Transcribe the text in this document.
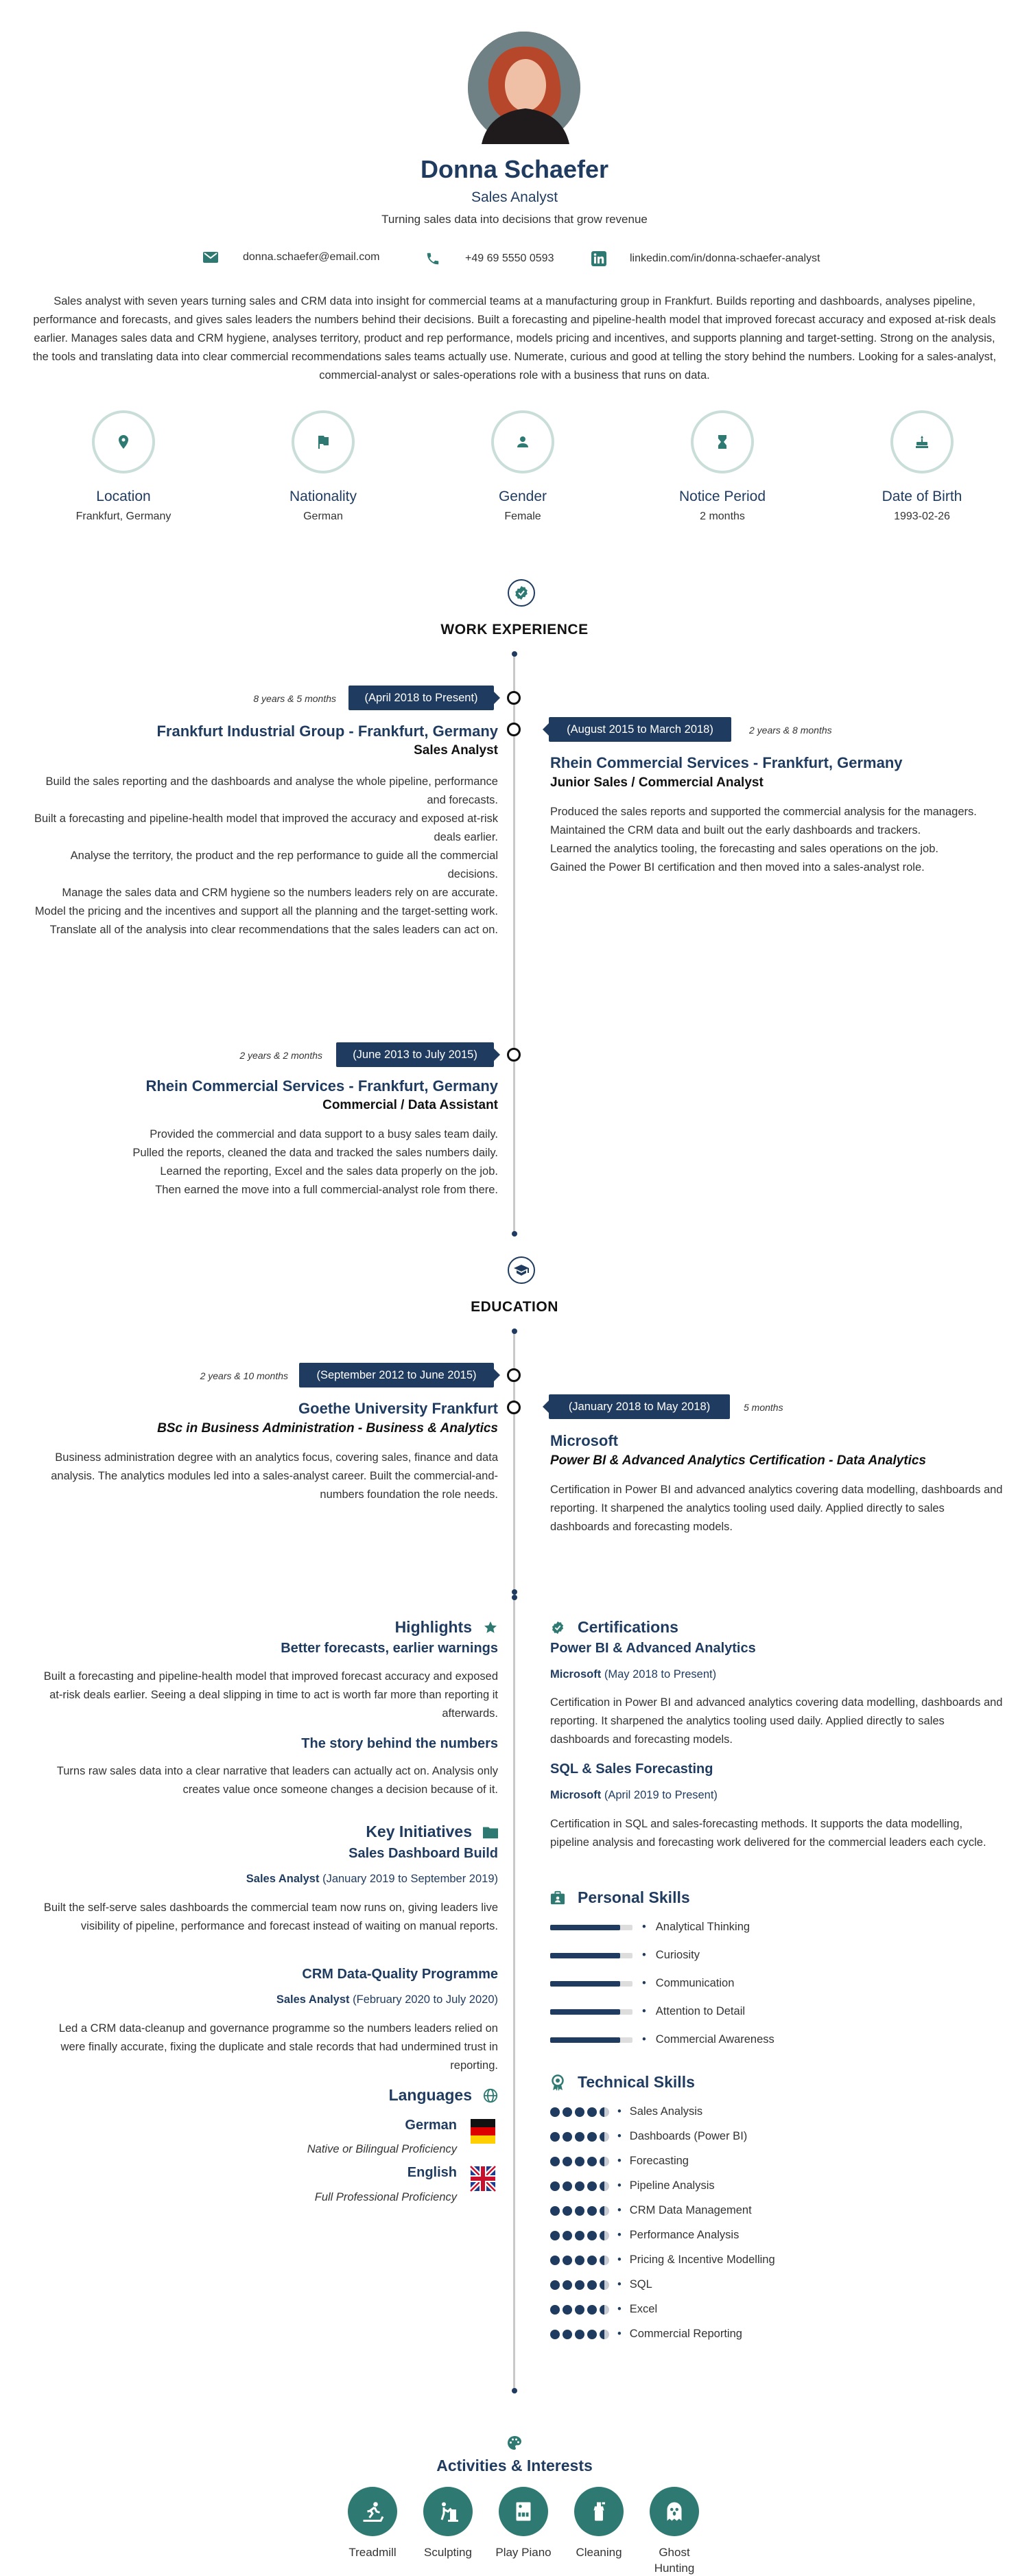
Donna Schaefer
Sales Analyst
Turning sales data into decisions that grow revenue
donna.schaefer@email.com	+49 69 5550 0593	linkedin.com/in/donna-schaefer-analyst
Sales analyst with seven years turning sales and CRM data into insight for commercial teams at a manufacturing group in Frankfurt. Builds reporting and dashboards, analyses pipeline, performance and forecasts, and gives sales leaders the numbers behind their decisions. Built a forecasting and pipeline-health model that improved forecast accuracy and exposed at-risk deals earlier. Manages sales data and CRM hygiene, analyses territory, product and rep performance, models pricing and incentives, and supports planning and target-setting. Strong on the analysis, the tools and translating data into clear commercial recommendations sales teams actually use. Numerate, curious and good at telling the story behind the numbers. Looking for a sales-analyst, commercial-analyst or sales-operations role with a business that runs on data.
Location
Frankfurt, Germany
Nationality
German
Gender
Female
Notice Period
2 months
Date of Birth
1993-02-26
WORK EXPERIENCE
8 years & 5 months	(April 2018 to Present)
Frankfurt Industrial Group - Frankfurt, Germany
Sales Analyst
Build the sales reporting and the dashboards and analyse the whole pipeline, performance and forecasts.
Built a forecasting and pipeline-health model that improved the accuracy and exposed at-risk deals earlier.
Analyse the territory, the product and the rep performance to guide all the commercial decisions.
Manage the sales data and CRM hygiene so the numbers leaders rely on are accurate.
Model the pricing and the incentives and support all the planning and the target-setting work.
Translate all of the analysis into clear recommendations that the sales leaders can act on.
(August 2015 to March 2018)	2 years & 8 months
Rhein Commercial Services - Frankfurt, Germany
Junior Sales / Commercial Analyst
Produced the sales reports and supported the commercial analysis for the managers.
Maintained the CRM data and built out the early dashboards and trackers.
Learned the analytics tooling, the forecasting and sales operations on the job.
Gained the Power BI certification and then moved into a sales-analyst role.
2 years & 2 months	(June 2013 to July 2015)
Rhein Commercial Services - Frankfurt, Germany
Commercial / Data Assistant
Provided the commercial and data support to a busy sales team daily.
Pulled the reports, cleaned the data and tracked the sales numbers daily.
Learned the reporting, Excel and the sales data properly on the job.
Then earned the move into a full commercial-analyst role from there.
EDUCATION
2 years & 10 months	(September 2012 to June 2015)
Goethe University Frankfurt
BSc in Business Administration - Business & Analytics
Business administration degree with an analytics focus, covering sales, finance and data analysis. The analytics modules led into a sales-analyst career. Built the commercial-and-numbers foundation the role needs.
(January 2018 to May 2018)	5 months
Microsoft
Power BI & Advanced Analytics Certification - Data Analytics
Certification in Power BI and advanced analytics covering data modelling, dashboards and reporting. It sharpened the analytics tooling used daily. Applied directly to sales dashboards and forecasting models.
Highlights
Better forecasts, earlier warnings
Built a forecasting and pipeline-health model that improved forecast accuracy and exposed at-risk deals earlier. Seeing a deal slipping in time to act is worth far more than reporting it afterwards.
The story behind the numbers
Turns raw sales data into a clear narrative that leaders can actually act on. Analysis only creates value once someone changes a decision because of it.
Key Initiatives
Sales Dashboard Build
Sales Analyst (January 2019 to September 2019)
Built the self-serve sales dashboards the commercial team now runs on, giving leaders live visibility of pipeline, performance and forecast instead of waiting on manual reports.
CRM Data-Quality Programme
Sales Analyst (February 2020 to July 2020)
Led a CRM data-cleanup and governance programme so the numbers leaders relied on were finally accurate, fixing the duplicate and stale records that had undermined trust in reporting.
Languages
German
Native or Bilingual Proficiency
English
Full Professional Proficiency
Certifications
Power BI & Advanced Analytics
Microsoft (May 2018 to Present)
Certification in Power BI and advanced analytics covering data modelling, dashboards and reporting. It sharpened the analytics tooling used daily. Applied directly to sales dashboards and forecasting models.
SQL & Sales Forecasting
Microsoft (April 2019 to Present)
Certification in SQL and sales-forecasting methods. It supports the data modelling, pipeline analysis and forecasting work delivered for the commercial leaders each cycle.
Personal Skills
• Analytical Thinking
• Curiosity
• Communication
• Attention to Detail
• Commercial Awareness
Technical Skills
• Sales Analysis
• Dashboards (Power BI)
• Forecasting
• Pipeline Analysis
• CRM Data Management
• Performance Analysis
• Pricing & Incentive Modelling
• SQL
• Excel
• Commercial Reporting
Activities & Interests
Treadmill	Sculpting	Play Piano	Cleaning	Ghost Hunting
